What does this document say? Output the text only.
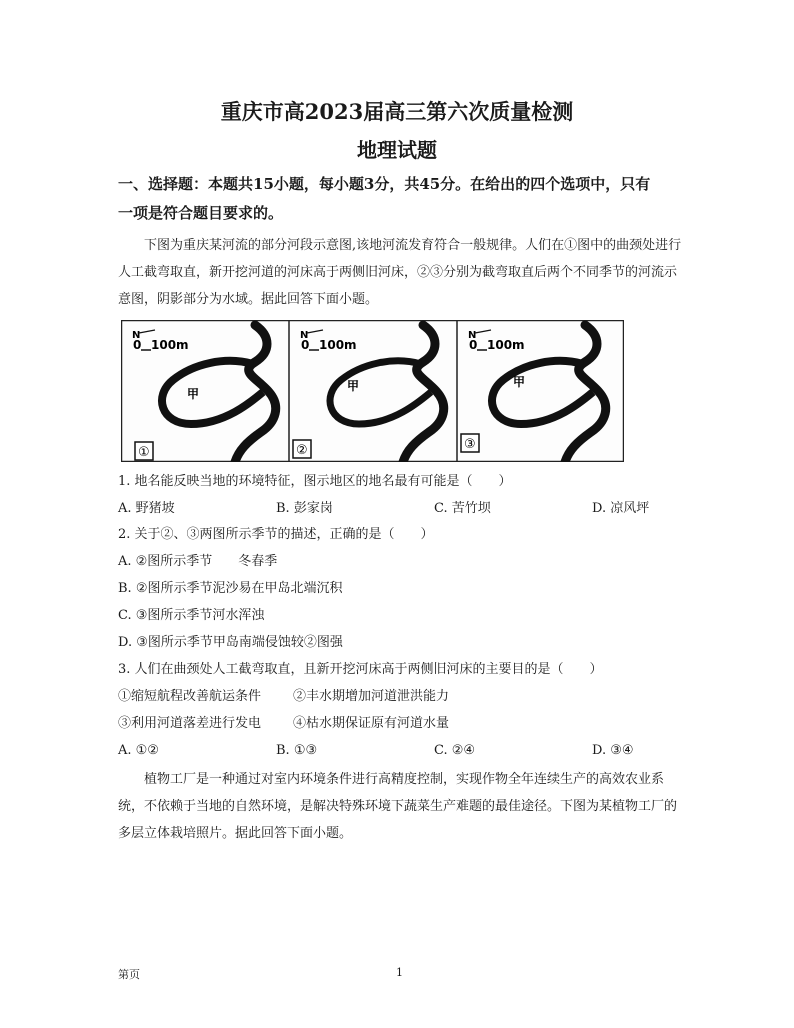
重庆市高2023届高三第六次质量检测
地理试题
一、选择题：本题共15小题，每小题3分，共45分。在给出的四个选项中，只有
一项是符合题目要求的。
下图为重庆某河流的部分河段示意图,该地河流发育符合一般规律。人们在①图中的曲颈处进行人工截弯取直，新开挖河道的河床高于两侧旧河床，②③分别为截弯取直后两个不同季节的河流示意图，阴影部分为水域。据此回答下面小题。
N
0 100m
甲
①
N
0 100m
甲
②
N
0 100m
甲
③
1. 地名能反映当地的环境特征，图示地区的地名最有可能是（　　）
A. 野猪坡	B. 彭家岗	C. 苦竹坝	D. 凉风坪
2. 关于②、③两图所示季节的描述，正确的是（　　）
A. ②图所示季节　　冬春季
B. ②图所示季节泥沙易在甲岛北端沉积
C. ③图所示季节河水浑浊
D. ③图所示季节甲岛南端侵蚀较②图强
3. 人们在曲颈处人工截弯取直，且新开挖河床高于两侧旧河床的主要目的是（　　）
①缩短航程改善航运条件 ②丰水期增加河道泄洪能力
③利用河道落差进行发电 ④枯水期保证原有河道水量
A. ①②	B. ①③	C. ②④	D. ③④
植物工厂是一种通过对室内环境条件进行高精度控制，实现作物全年连续生产的高效农业系统，不依赖于当地的自然环境，是解决特殊环境下蔬菜生产难题的最佳途径。下图为某植物工厂的多层立体栽培照片。据此回答下面小题。
第页	1
